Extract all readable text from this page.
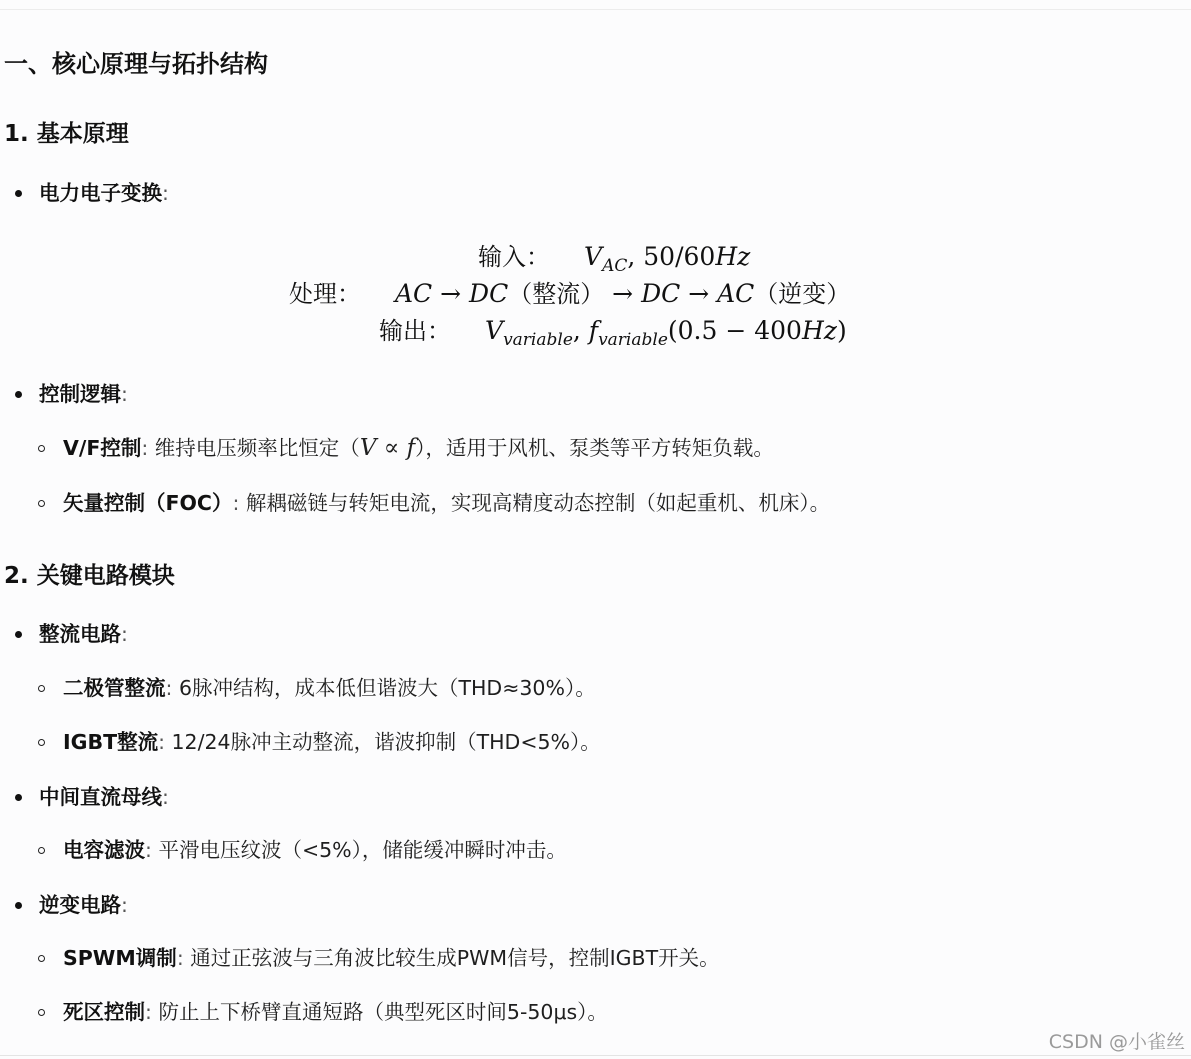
一、核心原理与拓扑结构
1. 基本原理
电力电子变换:
输入： $V_{AC}$, 50/60Hz
处理： AC → DC（整流） → DC → AC（逆变）
输出： $V_{variable}$, $f_{variable}(0.5 - 400Hz)$
控制逻辑:
V/F控制: 维持电压频率比恒定（V ∝ f），适用于风机、泵类等平方转矩负载。
矢量控制（FOC）: 解耦磁链与转矩电流，实现高精度动态控制（如起重机、机床）。
2. 关键电路模块
整流电路:
二极管整流: 6脉冲结构，成本低但谐波大（THD≈30%）。
IGBT整流: 12/24脉冲主动整流，谐波抑制（THD<5%）。
中间直流母线:
电容滤波: 平滑电压纹波（<5%），储能缓冲瞬时冲击。
逆变电路:
SPWM调制: 通过正弦波与三角波比较生成PWM信号，控制IGBT开关。
死区控制: 防止上下桥臂直通短路（典型死区时间5-50μs）。
CSDN @小雀丝
